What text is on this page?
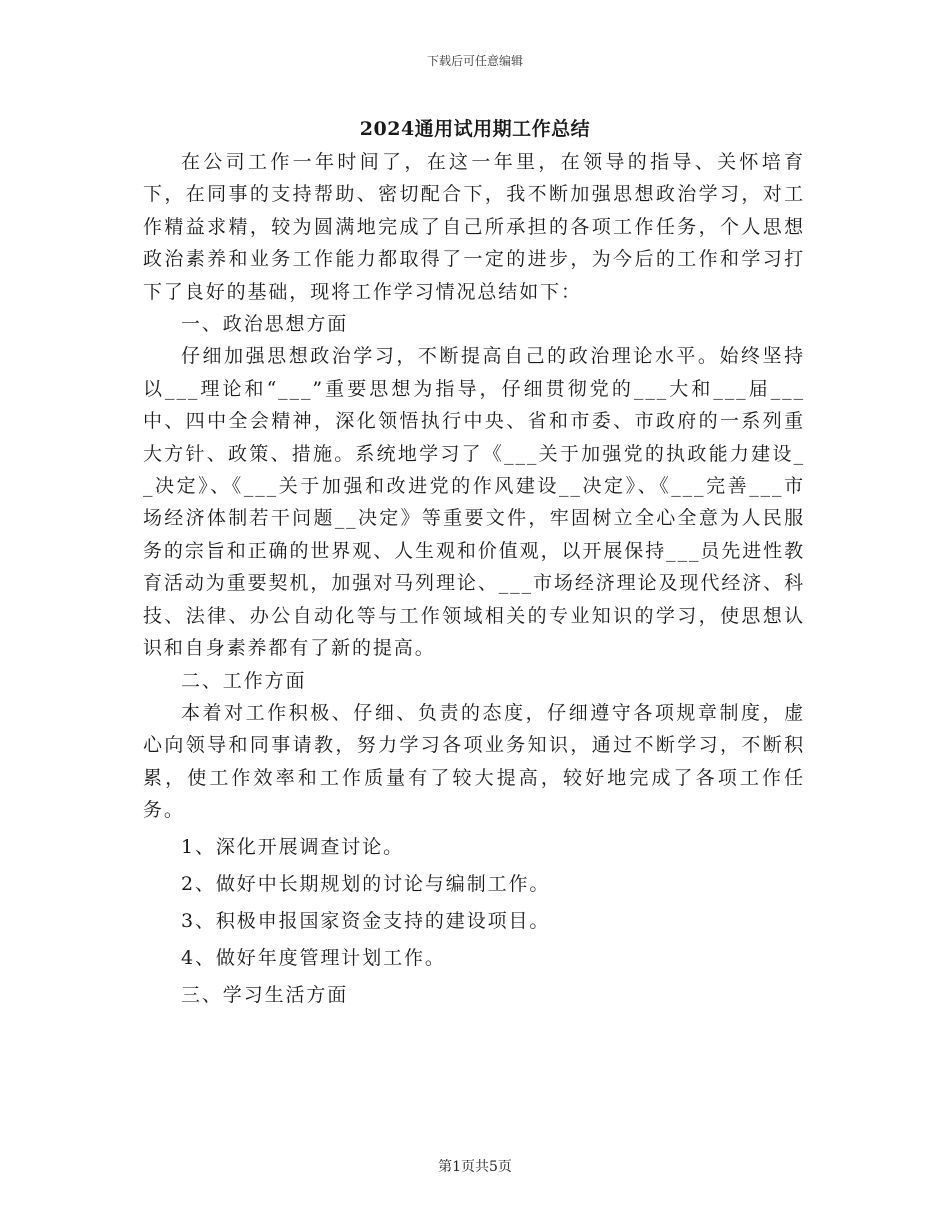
下载后可任意编辑
2024通用试用期工作总结

在公司工作一年时间了，在这一年里，在领导的指导、关怀培育下，在同事的支持帮助、密切配合下，我不断加强思想政治学习，对工作精益求精，较为圆满地完成了自己所承担的各项工作任务，个人思想政治素养和业务工作能力都取得了一定的进步，为今后的工作和学习打下了良好的基础，现将工作学习情况总结如下：

一、政治思想方面

仔细加强思想政治学习，不断提高自己的政治理论水平。始终坚持以___理论和“___”重要思想为指导，仔细贯彻党的___大和___届___中、四中全会精神，深化领悟执行中央、省和市委、市政府的一系列重大方针、政策、措施。系统地学习了《___关于加强党的执政能力建设__决定》、《___关于加强和改进党的作风建设__决定》、《___完善___市场经济体制若干问题__决定》等重要文件，牢固树立全心全意为人民服务的宗旨和正确的世界观、人生观和价值观，以开展保持___员先进性教育活动为重要契机，加强对马列理论、___市场经济理论及现代经济、科技、法律、办公自动化等与工作领域相关的专业知识的学习，使思想认识和自身素养都有了新的提高。

二、工作方面

本着对工作积极、仔细、负责的态度，仔细遵守各项规章制度，虚心向领导和同事请教，努力学习各项业务知识，通过不断学习，不断积累，使工作效率和工作质量有了较大提高，较好地完成了各项工作任务。

1、深化开展调查讨论。

2、做好中长期规划的讨论与编制工作。

3、积极申报国家资金支持的建设项目。

4、做好年度管理计划工作。

三、学习生活方面

第1页共5页
